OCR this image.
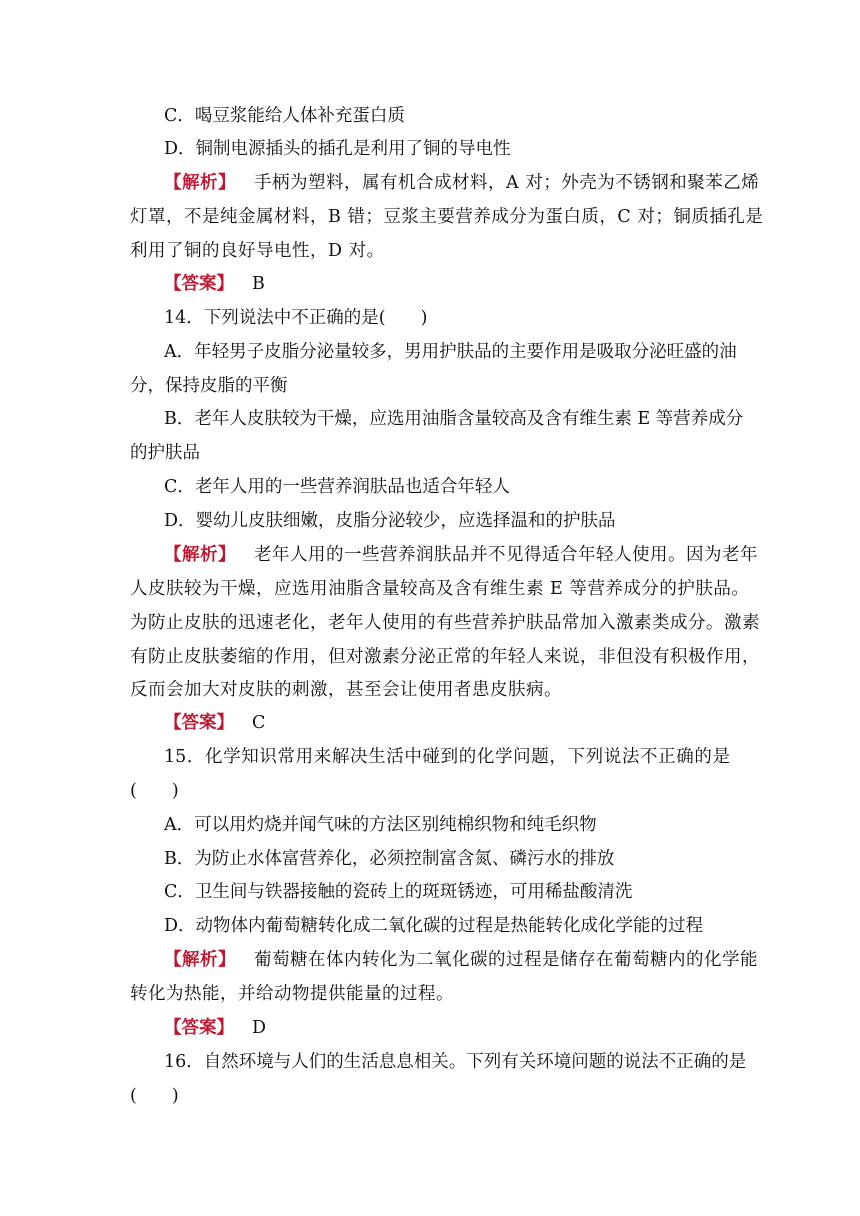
C．喝豆浆能给人体补充蛋白质
D．铜制电源插头的插孔是利用了铜的导电性
【解析】 手柄为塑料，属有机合成材料，A 对；外壳为不锈钢和聚苯乙烯
灯罩，不是纯金属材料，B 错；豆浆主要营养成分为蛋白质，C 对；铜质插孔是
利用了铜的良好导电性，D 对。
【答案】 B
14．下列说法中不正确的是(　　)
A．年轻男子皮脂分泌量较多，男用护肤品的主要作用是吸取分泌旺盛的油
分，保持皮脂的平衡
B．老年人皮肤较为干燥，应选用油脂含量较高及含有维生素 E 等营养成分
的护肤品
C．老年人用的一些营养润肤品也适合年轻人
D．婴幼儿皮肤细嫩，皮脂分泌较少，应选择温和的护肤品
【解析】 老年人用的一些营养润肤品并不见得适合年轻人使用。因为老年
人皮肤较为干燥，应选用油脂含量较高及含有维生素 E 等营养成分的护肤品。
为防止皮肤的迅速老化，老年人使用的有些营养护肤品常加入激素类成分。激素
有防止皮肤萎缩的作用，但对激素分泌正常的年轻人来说，非但没有积极作用，
反而会加大对皮肤的刺激，甚至会让使用者患皮肤病。
【答案】 C
15．化学知识常用来解决生活中碰到的化学问题，下列说法不正确的是
(　　)
A．可以用灼烧并闻气味的方法区别纯棉织物和纯毛织物
B．为防止水体富营养化，必须控制富含氮、磷污水的排放
C．卫生间与铁器接触的瓷砖上的斑斑锈迹，可用稀盐酸清洗
D．动物体内葡萄糖转化成二氧化碳的过程是热能转化成化学能的过程
【解析】 葡萄糖在体内转化为二氧化碳的过程是储存在葡萄糖内的化学能
转化为热能，并给动物提供能量的过程。
【答案】 D
16．自然环境与人们的生活息息相关。下列有关环境问题的说法不正确的是
(　　)
